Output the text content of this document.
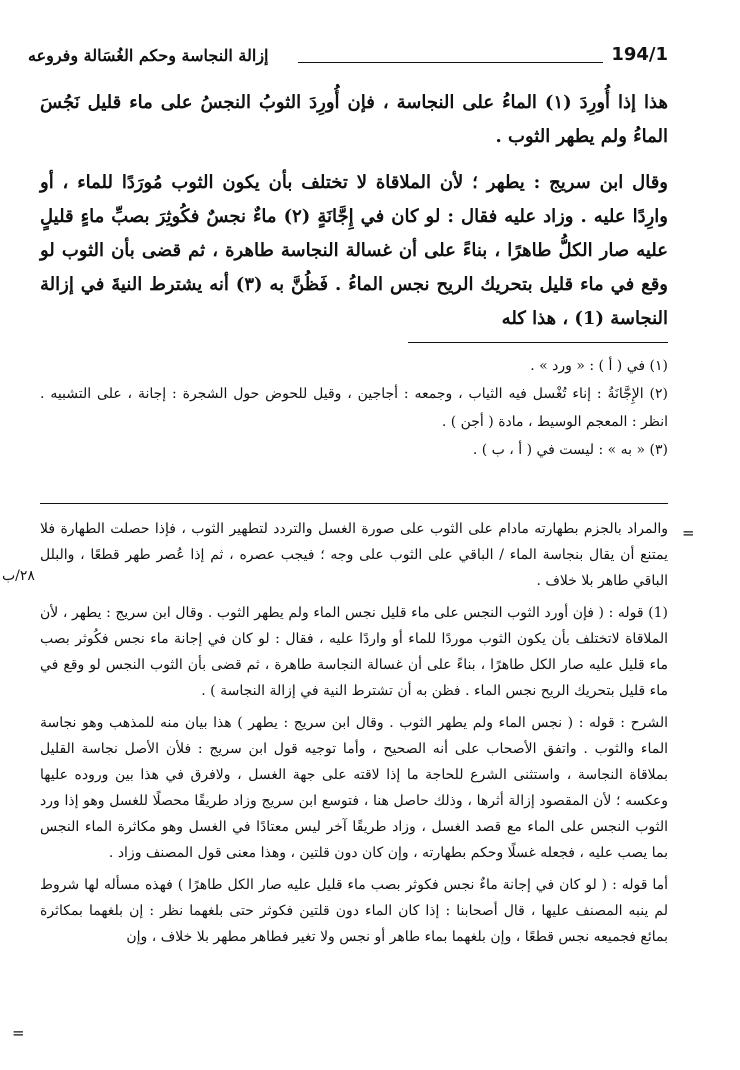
إزالة النجاسة وحكم الغُسَالة وفروعه	194/1

هذا إذا أُورِدَ (١) الماءُ على النجاسة ، فإن أُورِدَ الثوبُ النجسُ على ماء قليل نَجُسَ الماءُ ولم يطهر الثوب .

وقال ابن سريج : يطهر ؛ لأن الملاقاة لا تختلف بأن يكون الثوب مُورَدًا للماء ، أو وارِدًا عليه . وزاد عليه فقال : لو كان في إِجَّانَةٍ (٢) ماءٌ نجسٌ فكُوثِرَ بصبِّ ماءٍ قليلٍ عليه صار الكلُّ طاهرًا ، بناءً على أن غسالة النجاسة طاهرة ، ثم قضى بأن الثوب لو وقع في ماء قليل بتحريك الريح نجس الماءُ . فَظُنَّ به (٣) أنه يشترط النيةَ في إزالة النجاسة (1) ، هذا كله

(١) في ( أ ) : « ورد » .

(٢) الإِجَّانَةُ : إناء تُغْسل فيه الثياب ، وجمعه : أجاجين ، وقيل للحوض حول الشجرة : إجانة ، على التشبيه . انظر : المعجم الوسيط ، مادة ( أجن ) .

(٣) « به » : ليست في ( أ ، ب ) .

=
٢٨/ب

والمراد بالجزم بطهارته مادام على الثوب على صورة الغسل والتردد لتطهير الثوب ، فإذا حصلت الطهارة فلا يمتنع أن يقال بنجاسة الماء / الباقي على الثوب على وجه ؛ فيجب عصره ، ثم إذا عُصر طهر قطعًا ، والبلل الباقي طاهر بلا خلاف .

(1) قوله : ( فإن أورد الثوب النجس على ماء قليل نجس الماء ولم يطهر الثوب . وقال ابن سريج : يطهر ، لأن الملاقاة لاتختلف بأن يكون الثوب موردًا للماء أو واردًا عليه ، فقال : لو كان في إجانة ماء نجس فكُوثر بصب ماء قليل عليه صار الكل طاهرًا ، بناءً على أن غسالة النجاسة طاهرة ، ثم قضى بأن الثوب النجس لو وقع في ماء قليل بتحريك الريح نجس الماء . فظن به أن تشترط النية في إزالة النجاسة ) .

الشرح : قوله : ( نجس الماء ولم يطهر الثوب . وقال ابن سريج : يطهر ) هذا بيان منه للمذهب وهو نجاسة الماء والثوب . واتفق الأصحاب على أنه الصحيح ، وأما توجيه قول ابن سريج : فلأن الأصل نجاسة القليل بملاقاة النجاسة ، واستثنى الشرع للحاجة ما إذا لاقته على جهة الغسل ، ولافرق في هذا بين وروده عليها وعكسه ؛ لأن المقصود إزالة أثرها ، وذلك حاصل هنا ، فتوسع ابن سريج وزاد طريقًا محصلًا للغسل وهو إذا ورد الثوب النجس على الماء مع قصد الغسل ، وزاد طريقًا آخر ليس معتادًا في الغسل وهو مكاثرة الماء النجس بما يصب عليه ، فجعله غسلًا وحكم بطهارته ، وإن كان دون قلتين ، وهذا معنى قول المصنف وزاد .

أما قوله : ( لو كان في إجانة ماءٌ نجس فكوثر بصب ماء قليل عليه صار الكل طاهرًا ) فهذه مسأله لها شروط لم ينبه المصنف عليها ، قال أصحابنا : إذا كان الماء دون قلتين فكوثر حتى بلغهما نظر : إن بلغهما بمكاثرة بمائع فجميعه نجس قطعًا ، وإن بلغهما بماء طاهر أو نجس ولا تغير فطاهر مطهر بلا خلاف ، وإن

=
